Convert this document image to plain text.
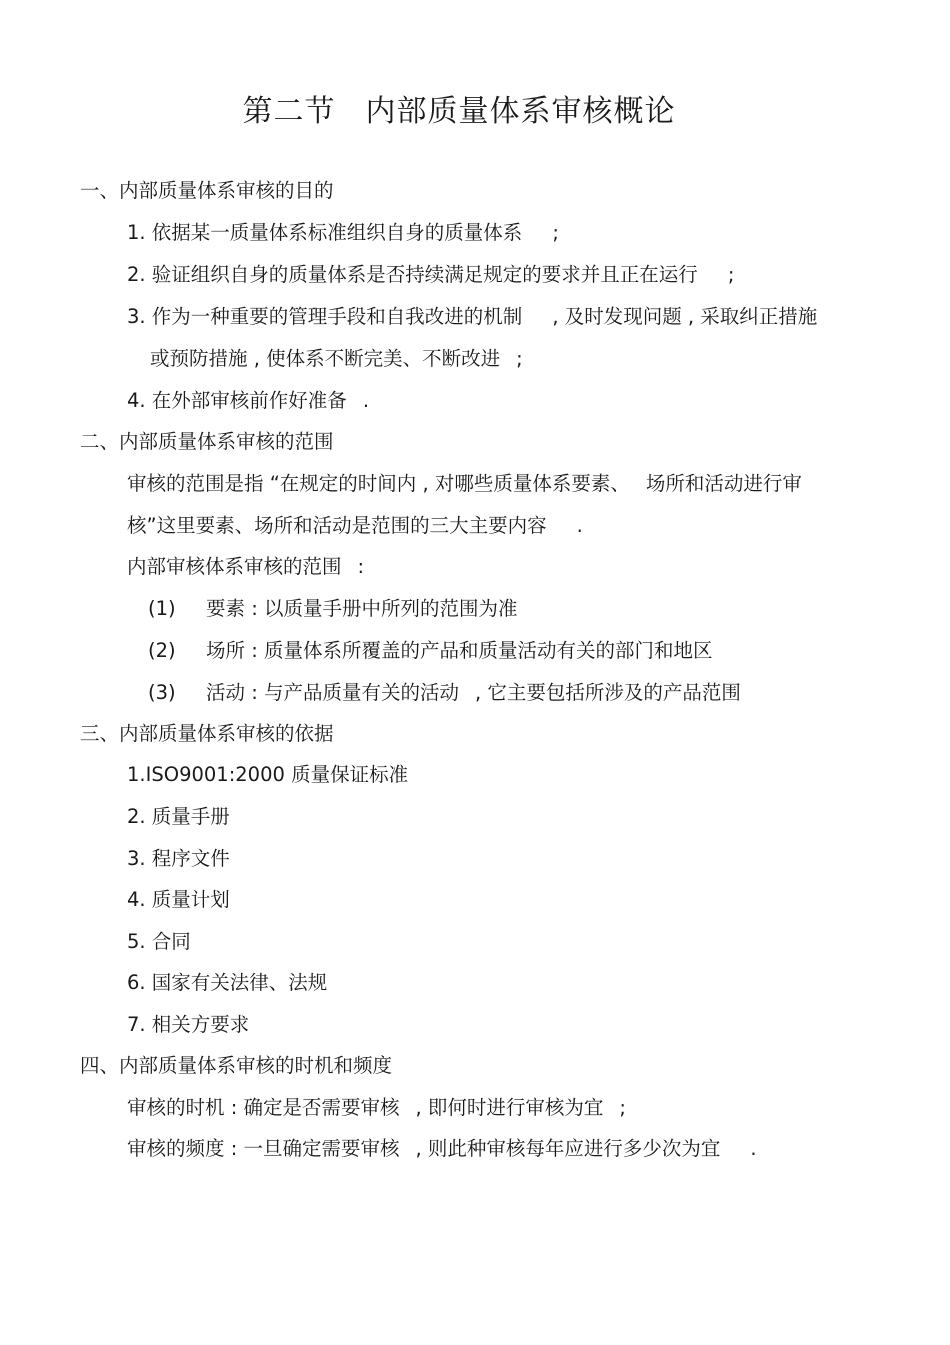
第二节 内部质量体系审核概论
一、内部质量体系审核的目的
1. 依据某一质量体系标准组织自身的质量体系 ;
2. 验证组织自身的质量体系是否持续满足规定的要求并且正在运行 ;
3. 作为一种重要的管理手段和自我改进的机制 , 及时发现问题 , 采取纠正措施
或预防措施 , 使体系不断完美、不断改进 ;
4. 在外部审核前作好准备 .
二、内部质量体系审核的范围
审核的范围是指 “在规定的时间内 , 对哪些质量体系要素、 场所和活动进行审
核”这里要素、场所和活动是范围的三大主要内容 .
内部审核体系审核的范围 :
(1) 要素 : 以质量手册中所列的范围为准
(2) 场所 : 质量体系所覆盖的产品和质量活动有关的部门和地区
(3) 活动 : 与产品质量有关的活动 , 它主要包括所涉及的产品范围
三、内部质量体系审核的依据
1.ISO9001:2000 质量保证标准
2. 质量手册
3. 程序文件
4. 质量计划
5. 合同
6. 国家有关法律、法规
7. 相关方要求
四、内部质量体系审核的时机和频度
审核的时机 : 确定是否需要审核 , 即何时进行审核为宜 ;
审核的频度 : 一旦确定需要审核 , 则此种审核每年应进行多少次为宜 .
